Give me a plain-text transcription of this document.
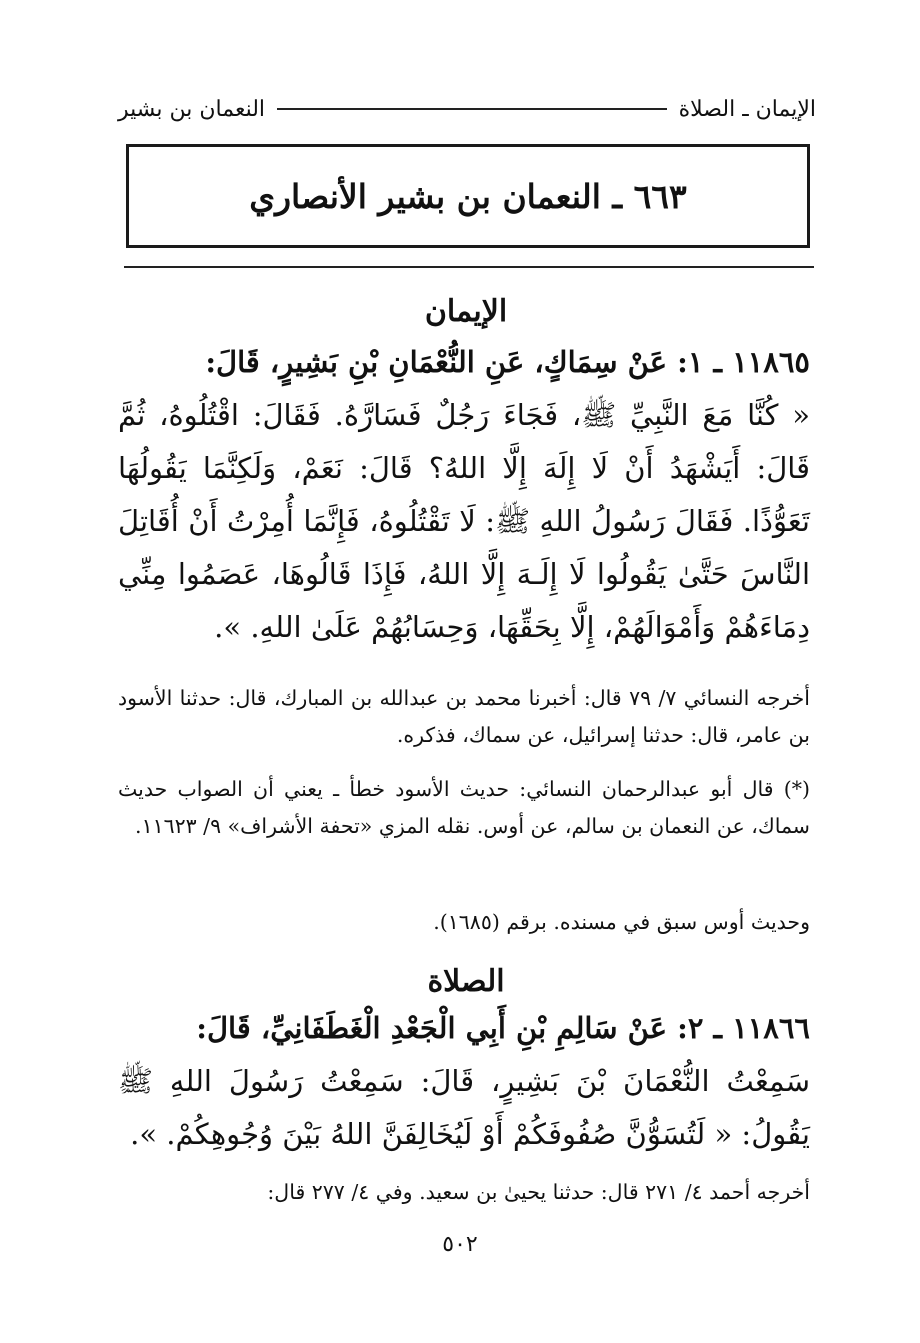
الإيمان ـ الصلاة
النعمان بن بشير
٦٦٣ ـ النعمان بن بشير الأنصاري
الإيمان
١١٨٦٥ ـ ١: عَنْ سِمَاكٍ، عَنِ النُّعْمَانِ بْنِ بَشِيرٍ، قَالَ:
« كُنَّا مَعَ النَّبِيِّ ﷺ، فَجَاءَ رَجُلٌ فَسَارَّهُ. فَقَالَ: اقْتُلُوهُ، ثُمَّ قَالَ: أَيَشْهَدُ أَنْ لَا إِلَهَ إِلَّا اللهُ؟ قَالَ: نَعَمْ، وَلَكِنَّمَا يَقُولُهَا تَعَوُّذًا. فَقَالَ رَسُولُ اللهِ ﷺ: لَا تَقْتُلُوهُ، فَإِنَّمَا أُمِرْتُ أَنْ أُقَاتِلَ النَّاسَ حَتَّىٰ يَقُولُوا لَا إِلَـهَ إِلَّا اللهُ، فَإِذَا قَالُوهَا، عَصَمُوا مِنِّي دِمَاءَهُمْ وَأَمْوَالَهُمْ، إِلَّا بِحَقِّهَا، وَحِسَابُهُمْ عَلَىٰ اللهِ. ».
أخرجه النسائي ٧/ ٧٩ قال: أخبرنا محمد بن عبدالله بن المبارك، قال: حدثنا الأسود بن عامر، قال: حدثنا إسرائيل، عن سماك، فذكره.
(*) قال أبو عبدالرحمان النسائي: حديث الأسود خطأ ـ يعني أن الصواب حديث سماك، عن النعمان بن سالم، عن أوس. نقله المزي «تحفة الأشراف» ٩/ ١١٦٢٣.
وحديث أوس سبق في مسنده. برقم (١٦٨٥).
الصلاة
١١٨٦٦ ـ ٢: عَنْ سَالِمِ بْنِ أَبِي الْجَعْدِ الْغَطَفَانِيِّ، قَالَ:
سَمِعْتُ النُّعْمَانَ بْنَ بَشِيرٍ، قَالَ: سَمِعْتُ رَسُولَ اللهِ ﷺ يَقُولُ: « لَتُسَوُّنَّ صُفُوفَكُمْ أَوْ لَيُخَالِفَنَّ اللهُ بَيْنَ وُجُوهِكُمْ. ».
أخرجه أحمد ٤/ ٢٧١ قال: حدثنا يحيىٰ بن سعيد. وفي ٤/ ٢٧٧ قال:
٥٠٢
